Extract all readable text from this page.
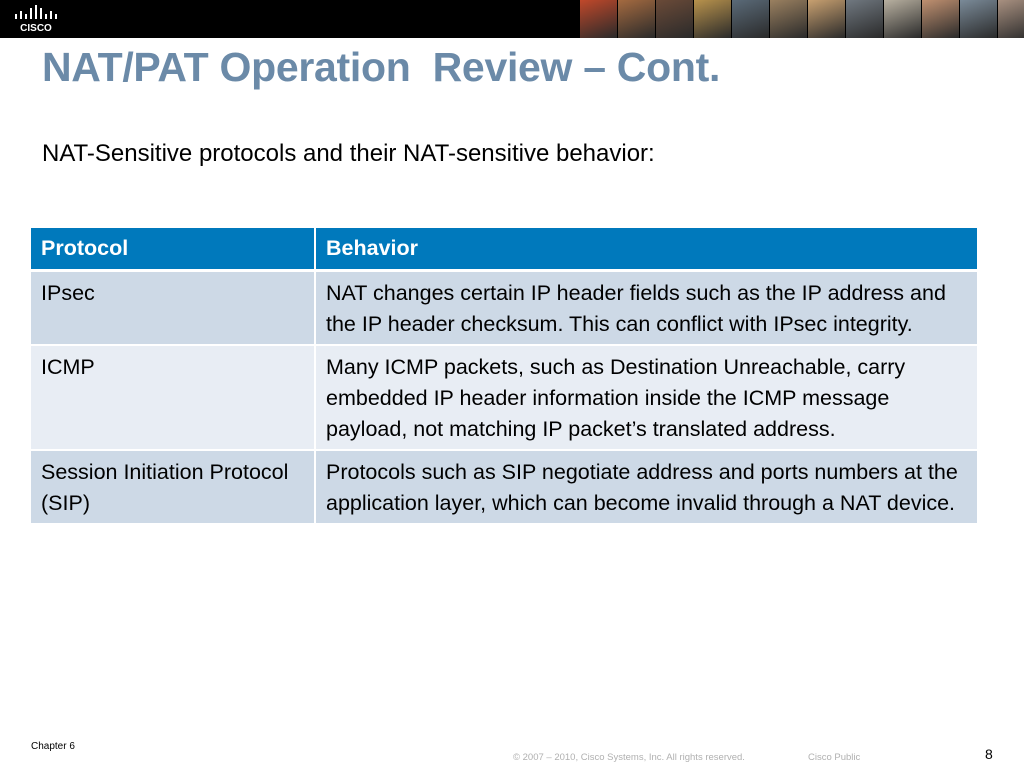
CISCO
NAT/PAT Operation  Review – Cont.

NAT-Sensitive protocols and their NAT-sensitive behavior:

Protocol	Behavior
IPsec	NAT changes certain IP header fields such as the IP address and the IP header checksum. This can conflict with IPsec integrity.
ICMP	Many ICMP packets, such as Destination Unreachable, carry embedded IP header information inside the ICMP message payload, not matching IP packet’s translated address.
Session Initiation Protocol (SIP)	Protocols such as SIP negotiate address and ports numbers at the application layer, which can become invalid through a NAT device.
Chapter 6
© 2007 – 2010, Cisco Systems, Inc. All rights reserved.	Cisco Public	8
